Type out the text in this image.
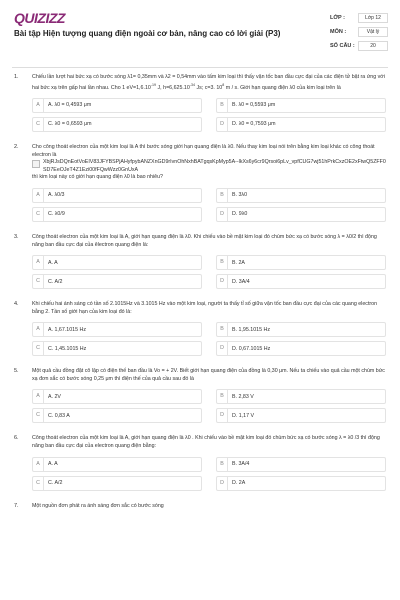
QUIZIZZ
Bài tập Hiện tượng quang điện ngoài cơ bản, nâng cao có lời giải (P3)
LỚP :	Lớp 12
MÔN :	Vật lý
SỐ CÂU :	20
1.	Chiếu lần lượt hai bức xạ có bước sóng λ1= 0,35mm và λ2 = 0,54mm vào tấm kim loại thì thấy vận tốc ban đầu cực đại của các điện tử bật ra ứng với hai bức xạ trên gấp hai lần nhau. Cho 1 $eV=1,6.10^{-19}$ J, $h=6,625.10^{-34}$ Js; c=3. $10^8$ m / s. Giới hạn quang điện λ0 của kim loại trên là
A	A. λ0 = 0,4593 μm	B	B. λ0 = 0,5593 μm
C	C. λ0 = 0,6593 μm	D	D. λ0 = 0,7593 μm
2.	Cho công thoát electron của một kim loại là A thì bước sóng giới hạn quang điện là λ0. Nếu thay kim loại nói trên bằng kim loại khác có công thoát electron là
XbjRJsDQnEotVoEIV83JFYBSPjAHyfpybANZXnGD9rIvnOhNxhBATgqsKpMyp5A--lkXs6y6cr9Qrsoi6pLv_vpfCUG7wj51hPrkCxzOE2xFtwQ5ZFF0SD7EeOJeT4Z1Ezi00fFQwWzz0GnUxA
thì kim loại này có giới hạn quang điện λ0 là bao nhiêu?
A	A. λ0/3	B	B. 3λ0
C	C. λ0/9	D	D. 9λ0
3.	Công thoát electron của một kim loại là A, giới hạn quang điện là λ0. Khi chiếu vào bề mặt kim loại đó chùm bức xạ có bước sóng λ = λ0/2 thì động năng ban đầu cực đại của êlectron quang điện là:
A	A. A	B	B. 2A
C	C. A/2	D	D. 3A/4
4.	Khi chiếu hai ánh sáng có tần số 2.1015Hz và 3.1015 Hz vào một kim loại, người ta thấy tỉ số giữa vận tốc ban đầu cực đại của các quang electron bằng 2. Tần số giới hạn của kim loại đó là:
A	A. 1,67.1015 Hz	B	B. 1,95.1015 Hz
C	C. 1,45.1015 Hz	D	D. 0,67.1015 Hz
5.	Một quả cầu đồng đặt cô lập có điện thế ban đầu là Vo = + 2V. Biết giới hạn quang điện của đồng là 0,30 μm. Nếu ta chiếu vào quả cầu một chùm bức xạ đơn sắc có bước sóng 0,25 μm thì điện thế của quả cầu sau đó là
A	A. 2V	B	B. 2,83 V
C	C. 0,83 A	D	D. 1,17 V
6.	Công thoát electron của một kim loại là A, giới hạn quang điện là λ0 . Khi chiếu vào bề mặt kim loại đó chùm bức xạ có bước sóng λ = λ0 /3 thì động năng ban đầu cực đại của electron quang điện bằng:
A	A. A	B	B. 3A/4
C	C. A/2	D	D. 2A
7.	Một nguồn đơn phát ra ánh sáng đơn sắc có bước sóng
